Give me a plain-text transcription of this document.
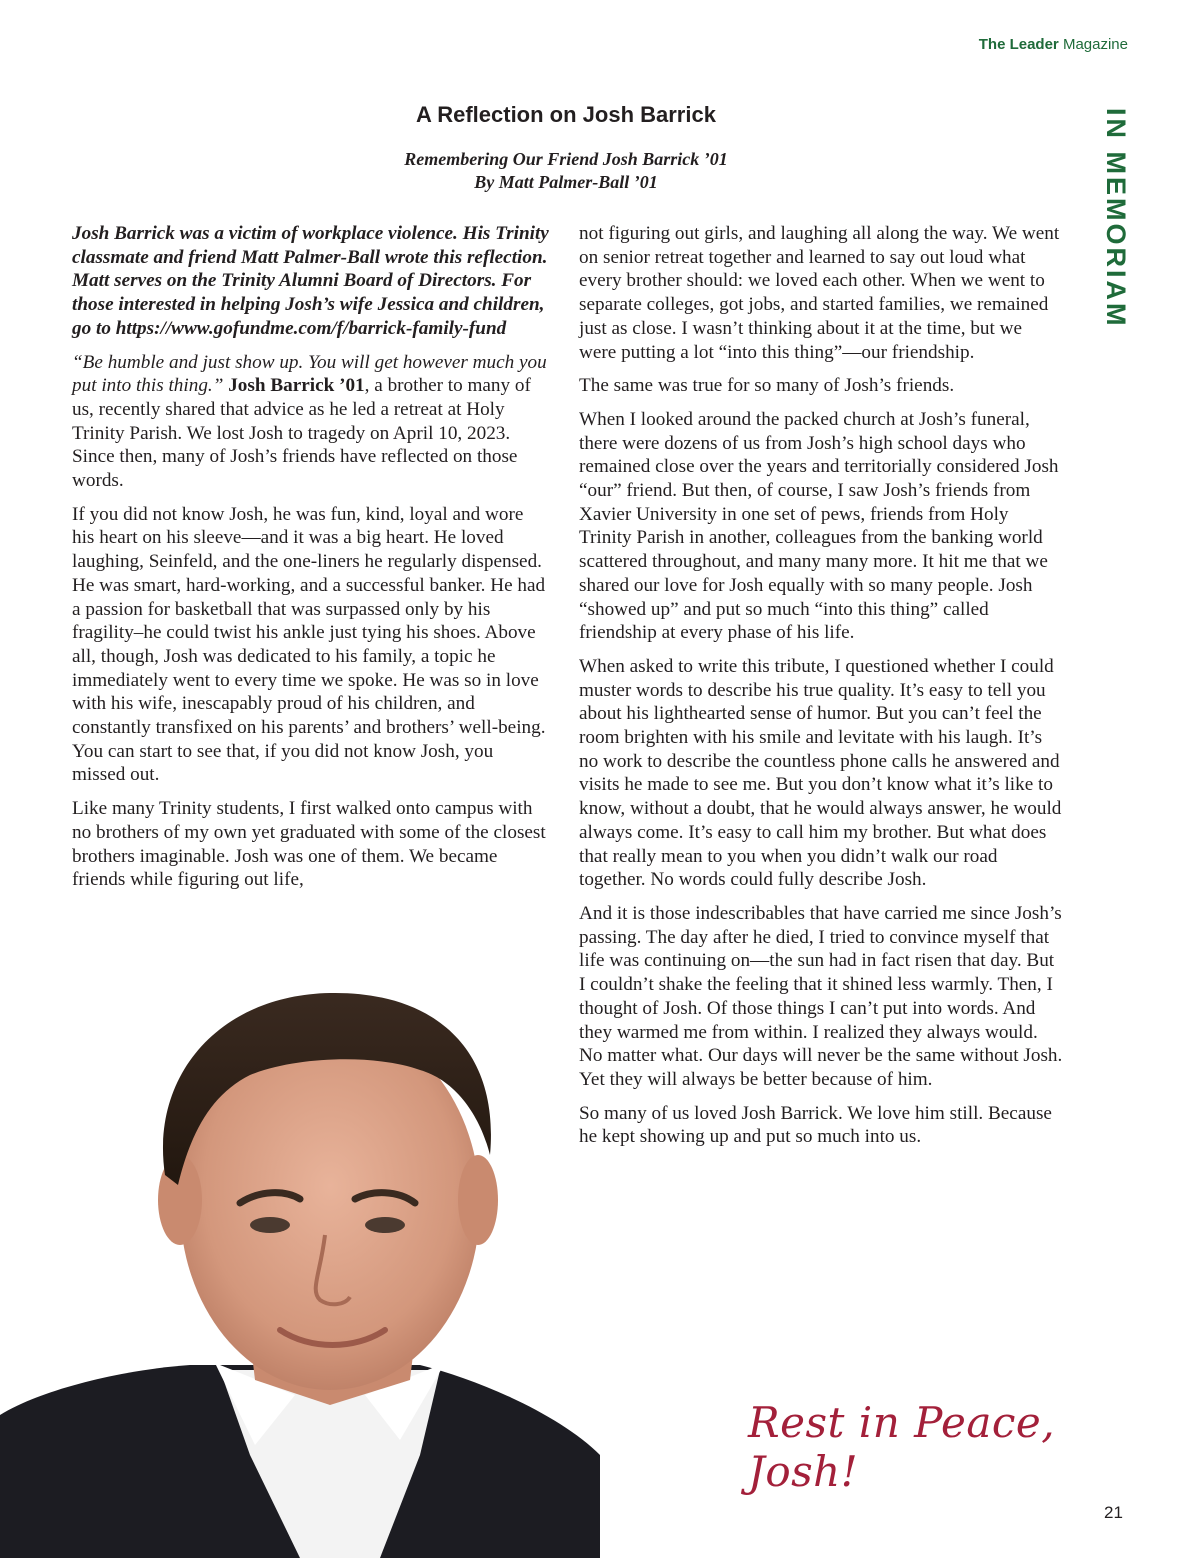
The Leader Magazine
IN MEMORIAM
A Reflection on Josh Barrick
Remembering Our Friend Josh Barrick ’01
By Matt Palmer-Ball ’01

Josh Barrick was a victim of workplace violence. His Trinity classmate and friend Matt Palmer-Ball wrote this reflection. Matt serves on the Trinity Alumni Board of Directors. For those interested in helping Josh’s wife Jessica and children, go to https://www.gofundme.com/f/barrick-family-fund

“Be humble and just show up. You will get however much you put into this thing.” Josh Barrick ’01, a brother to many of us, recently shared that advice as he led a retreat at Holy Trinity Parish. We lost Josh to tragedy on April 10, 2023. Since then, many of Josh’s friends have reflected on those words.

If you did not know Josh, he was fun, kind, loyal and wore his heart on his sleeve—and it was a big heart. He loved laughing, Seinfeld, and the one-liners he regularly dispensed. He was smart, hard-working, and a successful banker. He had a passion for basketball that was surpassed only by his fragility–he could twist his ankle just tying his shoes. Above all, though, Josh was dedicated to his family, a topic he immediately went to every time we spoke. He was so in love with his wife, inescapably proud of his children, and constantly transfixed on his parents’ and brothers’ well-being. You can start to see that, if you did not know Josh, you missed out.

Like many Trinity students, I first walked onto campus with no brothers of my own yet graduated with some of the closest brothers imaginable. Josh was one of them. We became friends while figuring out life,

not figuring out girls, and laughing all along the way. We went on senior retreat together and learned to say out loud what every brother should: we loved each other. When we went to separate colleges, got jobs, and started families, we remained just as close. I wasn’t thinking about it at the time, but we were putting a lot “into this thing”—our friendship.

The same was true for so many of Josh’s friends.

When I looked around the packed church at Josh’s funeral, there were dozens of us from Josh’s high school days who remained close over the years and territorially considered Josh “our” friend. But then, of course, I saw Josh’s friends from Xavier University in one set of pews, friends from Holy Trinity Parish in another, colleagues from the banking world scattered throughout, and many many more. It hit me that we shared our love for Josh equally with so many people. Josh “showed up” and put so much “into this thing” called friendship at every phase of his life.

When asked to write this tribute, I questioned whether I could muster words to describe his true quality. It’s easy to tell you about his lighthearted sense of humor. But you can’t feel the room brighten with his smile and levitate with his laugh. It’s no work to describe the countless phone calls he answered and visits he made to see me. But you don’t know what it’s like to know, without a doubt, that he would always answer, he would always come. It’s easy to call him my brother. But what does that really mean to you when you didn’t walk our road together. No words could fully describe Josh.

And it is those indescribables that have carried me since Josh’s passing. The day after he died, I tried to convince myself that life was continuing on—the sun had in fact risen that day. But I couldn’t shake the feeling that it shined less warmly. Then, I thought of Josh. Of those things I can’t put into words. And they warmed me from within. I realized they always would. No matter what. Our days will never be the same without Josh. Yet they will always be better because of him.

So many of us loved Josh Barrick. We love him still. Because he kept showing up and put so much into us.

Rest in Peace, Josh!
21
